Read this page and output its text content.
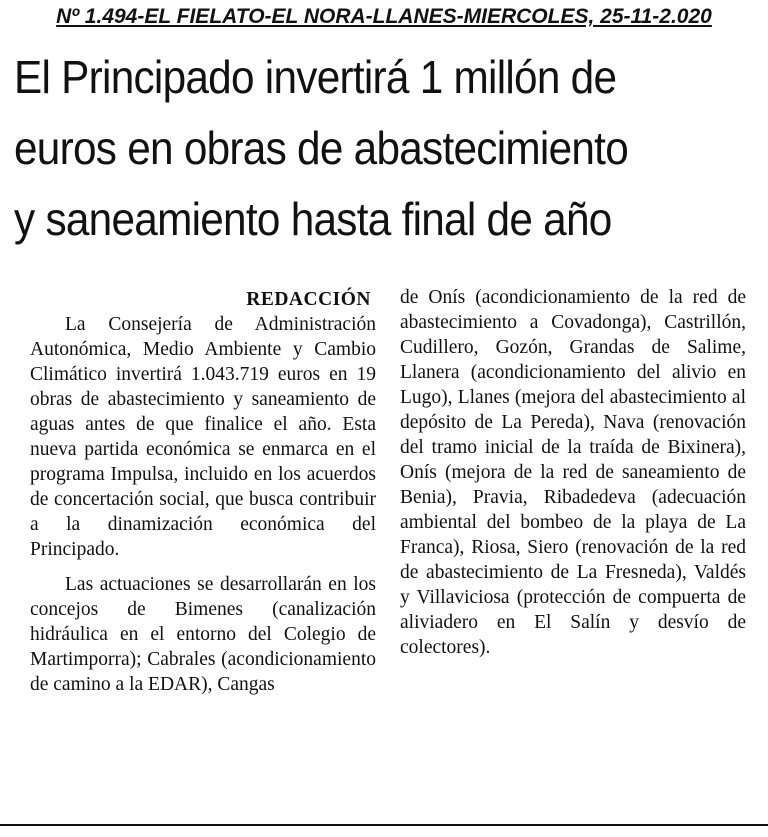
Nº 1.494-EL FIELATO-EL NORA-LLANES-MIERCOLES, 25-11-2.020
El Principado invertirá 1 millón de
euros en obras de abastecimiento
y saneamiento hasta final de año
REDACCIÓN

La Consejería de Administración Autonómica, Medio Ambiente y Cambio Climático invertirá 1.043.719 euros en 19 obras de abastecimiento y saneamiento de aguas antes de que finalice el año. Esta nueva partida económica se enmarca en el programa Impulsa, incluido en los acuerdos de concertación social, que busca contribuir a la dinamización económica del Principado.

Las actuaciones se desarrollarán en los concejos de Bimenes (canalización hidráulica en el entorno del Colegio de Martimporra); Cabrales (acondicionamiento de camino a la EDAR), Cangas

de Onís (acondicionamiento de la red de abastecimiento a Covadonga), Castrillón, Cudillero, Gozón, Grandas de Salime, Llanera (acondicionamiento del alivio en Lugo), Llanes (mejora del abastecimiento al depósito de La Pereda), Nava (renovación del tramo inicial de la traída de Bixinera), Onís (mejora de la red de saneamiento de Benia), Pravia, Ribadedeva (adecuación ambiental del bombeo de la playa de La Franca), Riosa, Siero (renovación de la red de abastecimiento de La Fresneda), Valdés y Villaviciosa (protección de compuerta de aliviadero en El Salín y desvío de colectores).
